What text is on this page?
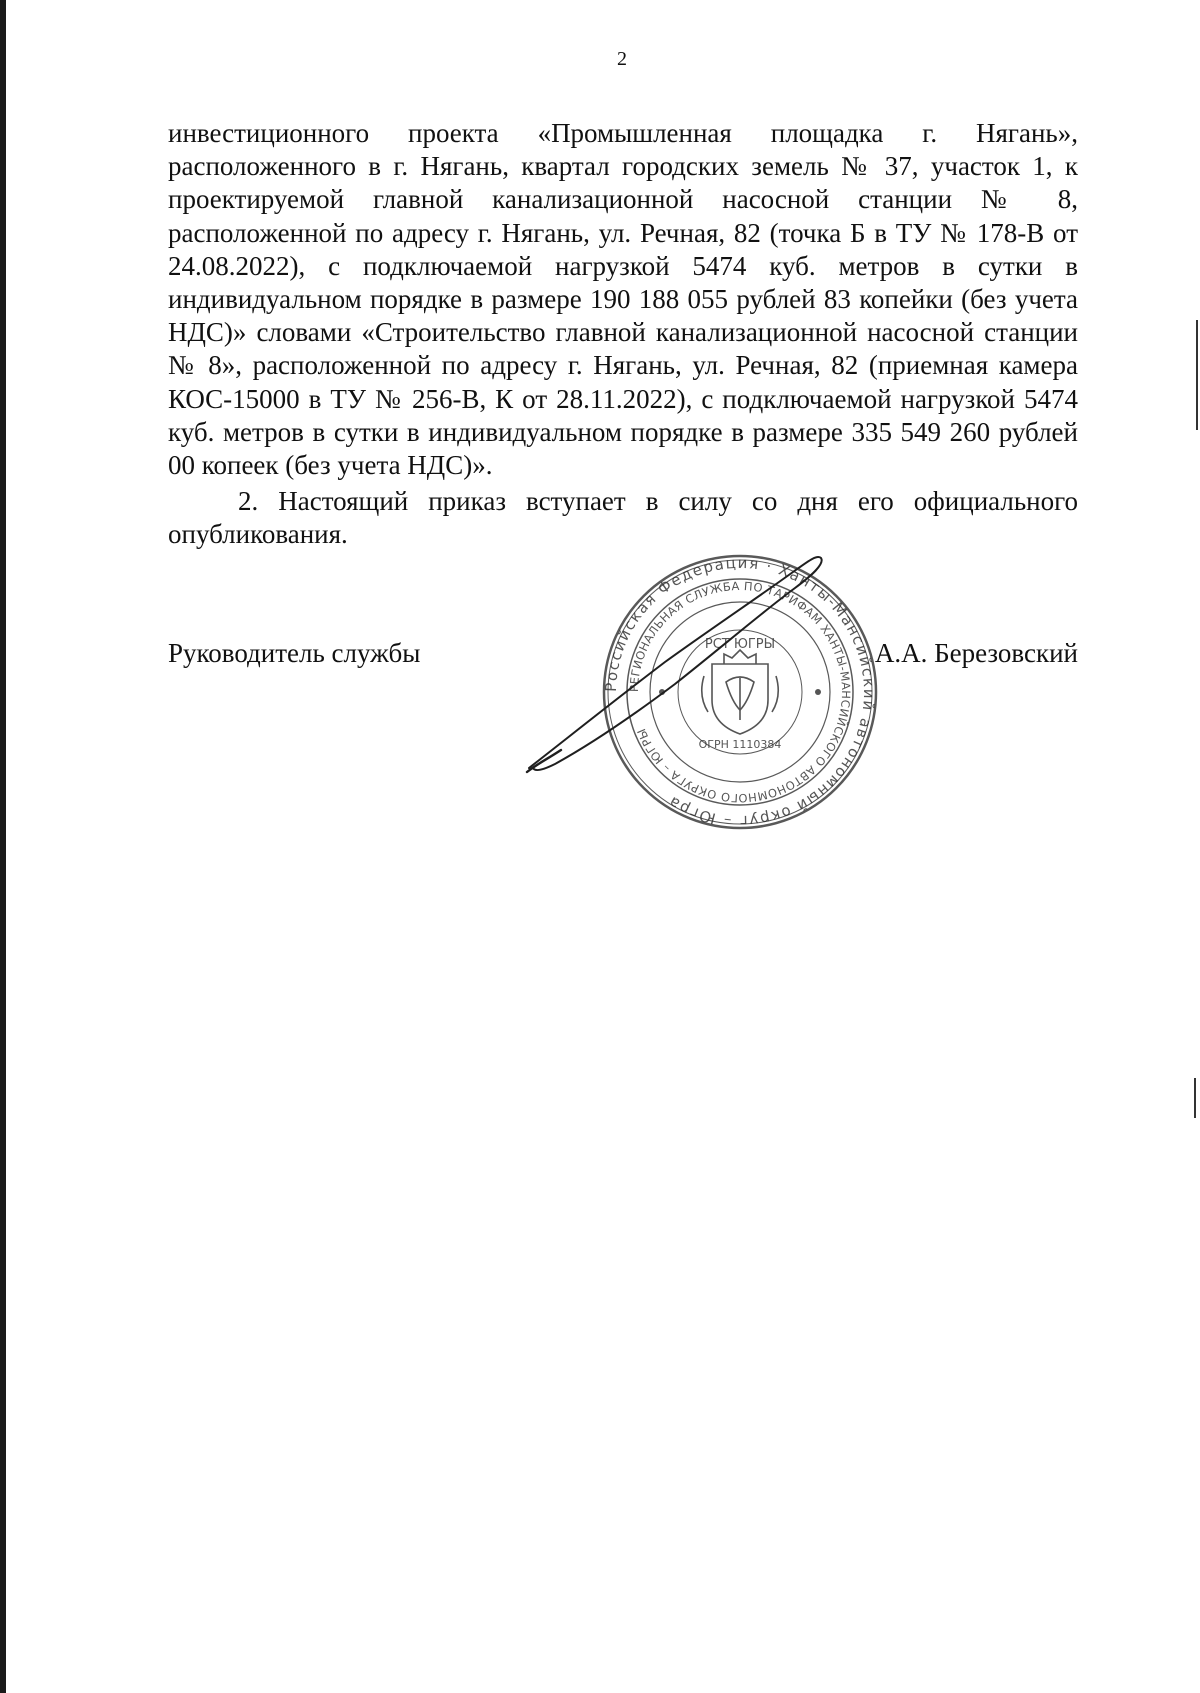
2

инвестиционного проекта «Промышленная площадка г. Нягань», расположенного в г. Нягань, квартал городских земель № 37, участок 1, к проектируемой главной канализационной насосной станции № 8, расположенной по адресу г. Нягань, ул. Речная, 82 (точка Б в ТУ № 178-В от 24.08.2022), с подключаемой нагрузкой 5474 куб. метров в сутки в индивидуальном порядке в размере 190 188 055 рублей 83 копейки (без учета НДС)» словами «Строительство главной канализационной насосной станции № 8», расположенной по адресу г. Нягань, ул. Речная, 82 (приемная камера КОС-15000 в ТУ № 256-В, К от 28.11.2022), с подключаемой нагрузкой 5474 куб. метров в сутки в индивидуальном порядке в размере 335 549 260 рублей 00 копеек (без учета НДС)».

2. Настоящий приказ вступает в силу со дня его официального опубликования.

Руководитель службы	А.А. Березовский
Российская Федерация · Ханты-Мансийский автономный округ – Югра
РЕГИОНАЛЬНАЯ СЛУЖБА ПО ТАРИФАМ ХАНТЫ-МАНСИЙСКОГО АВТОНОМНОГО ОКРУГА – ЮГРЫ
РСТ ЮГРЫ
ОГРН 1110384
